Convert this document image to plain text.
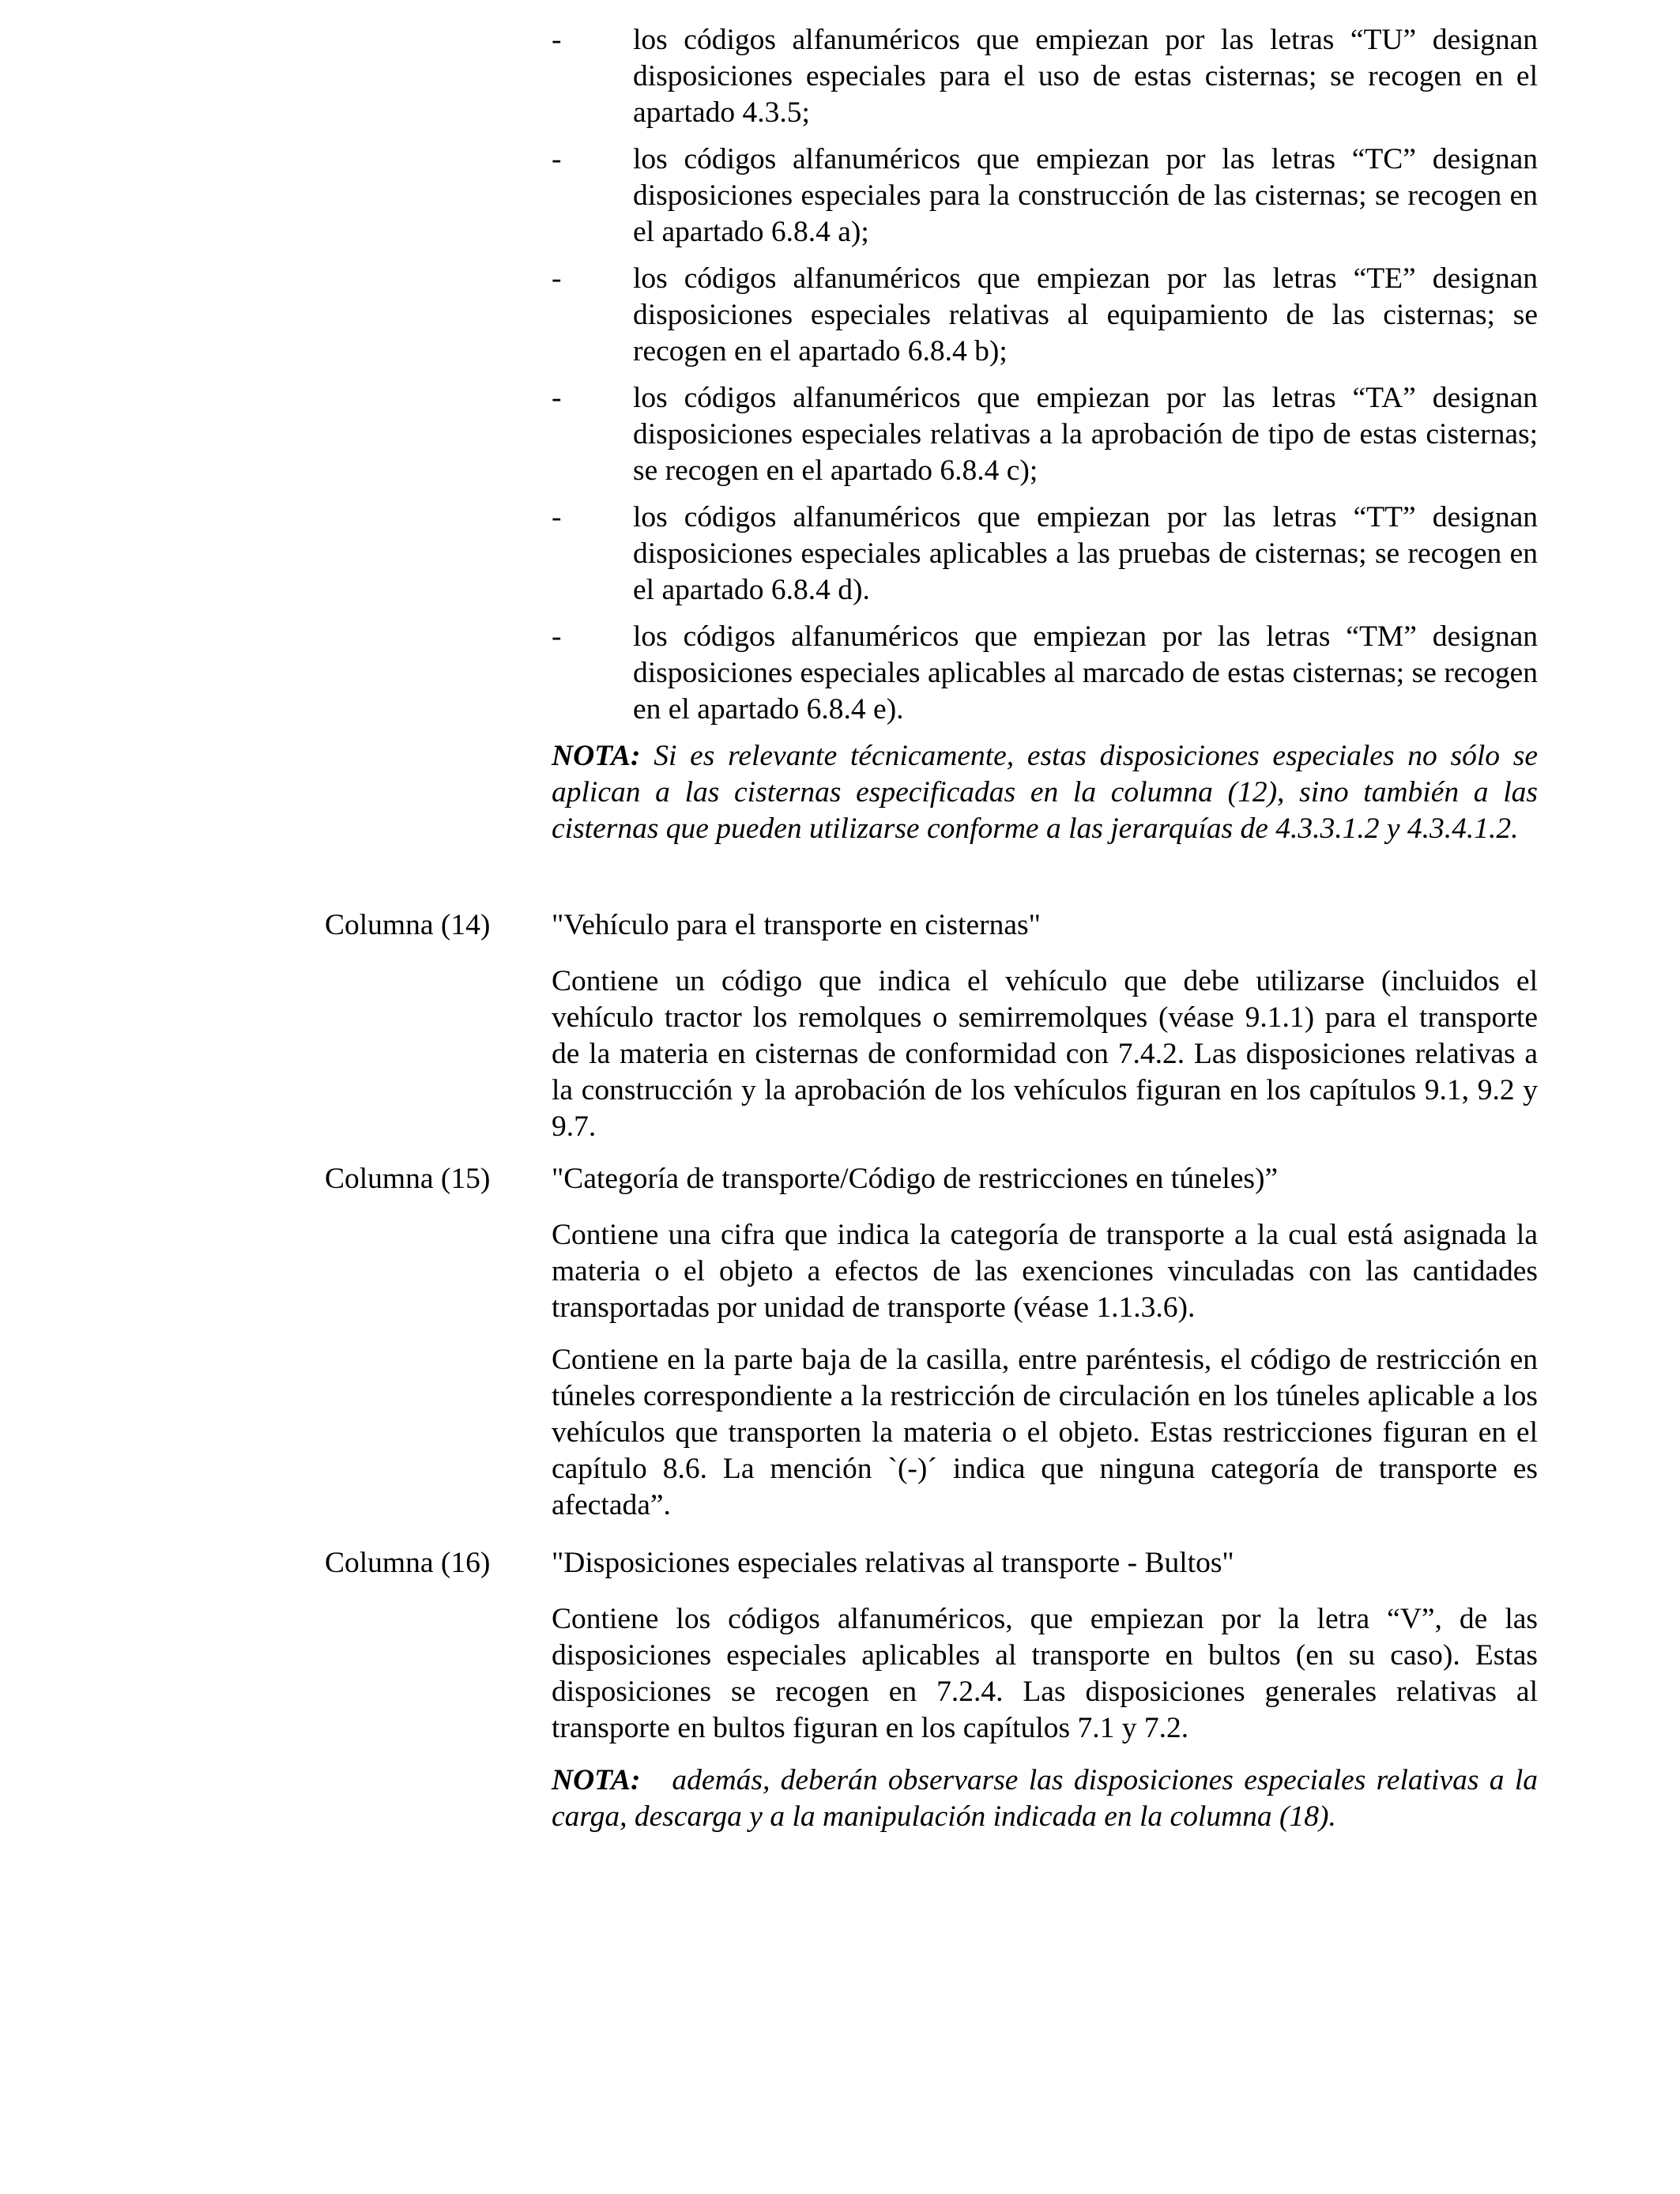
- los códigos alfanuméricos que empiezan por las letras “TU” designan disposiciones especiales para el uso de estas cisternas; se recogen en el apartado 4.3.5;
- los códigos alfanuméricos que empiezan por las letras “TC” designan disposiciones especiales para la construcción de las cisternas; se recogen en el apartado 6.8.4 a);
- los códigos alfanuméricos que empiezan por las letras “TE” designan disposiciones especiales relativas al equipamiento de las cisternas; se recogen en el apartado 6.8.4 b);
- los códigos alfanuméricos que empiezan por las letras “TA” designan disposiciones especiales relativas a la aprobación de tipo de estas cisternas; se recogen en el apartado 6.8.4 c);
- los códigos alfanuméricos que empiezan por las letras “TT” designan disposiciones especiales aplicables a las pruebas de cisternas; se recogen en el apartado 6.8.4 d).
- los códigos alfanuméricos que empiezan por las letras “TM” designan disposiciones especiales aplicables al marcado de estas cisternas; se recogen en el apartado 6.8.4 e).
NOTA: Si es relevante técnicamente, estas disposiciones especiales no sólo se aplican a las cisternas especificadas en la columna (12), sino también a las cisternas que pueden utilizarse conforme a las jerarquías de 4.3.3.1.2 y 4.3.4.1.2.
Columna (14) "Vehículo para el transporte en cisternas"
Contiene un código que indica el vehículo que debe utilizarse (incluidos el vehículo tractor los remolques o semirremolques (véase 9.1.1) para el transporte de la materia en cisternas de conformidad con 7.4.2. Las disposiciones relativas a la construcción y la aprobación de los vehículos figuran en los capítulos 9.1, 9.2 y 9.7.
Columna (15) "Categoría de transporte/Código de restricciones en túneles)”
Contiene una cifra que indica la categoría de transporte a la cual está asignada la materia o el objeto a efectos de las exenciones vinculadas con las cantidades transportadas por unidad de transporte (véase 1.1.3.6).
Contiene en la parte baja de la casilla, entre paréntesis, el código de restricción en túneles correspondiente a la restricción de circulación en los túneles aplicable a los vehículos que transporten la materia o el objeto. Estas restricciones figuran en el capítulo 8.6. La mención `(-)´ indica que ninguna categoría de transporte es afectada”.
Columna (16) "Disposiciones especiales relativas al transporte - Bultos"
Contiene los códigos alfanuméricos, que empiezan por la letra “V”, de las disposiciones especiales aplicables al transporte en bultos (en su caso). Estas disposiciones se recogen en 7.2.4. Las disposiciones generales relativas al transporte en bultos figuran en los capítulos 7.1 y 7.2.
NOTA:   además, deberán observarse las disposiciones especiales relativas a la carga, descarga y a la manipulación indicada en la columna (18).
